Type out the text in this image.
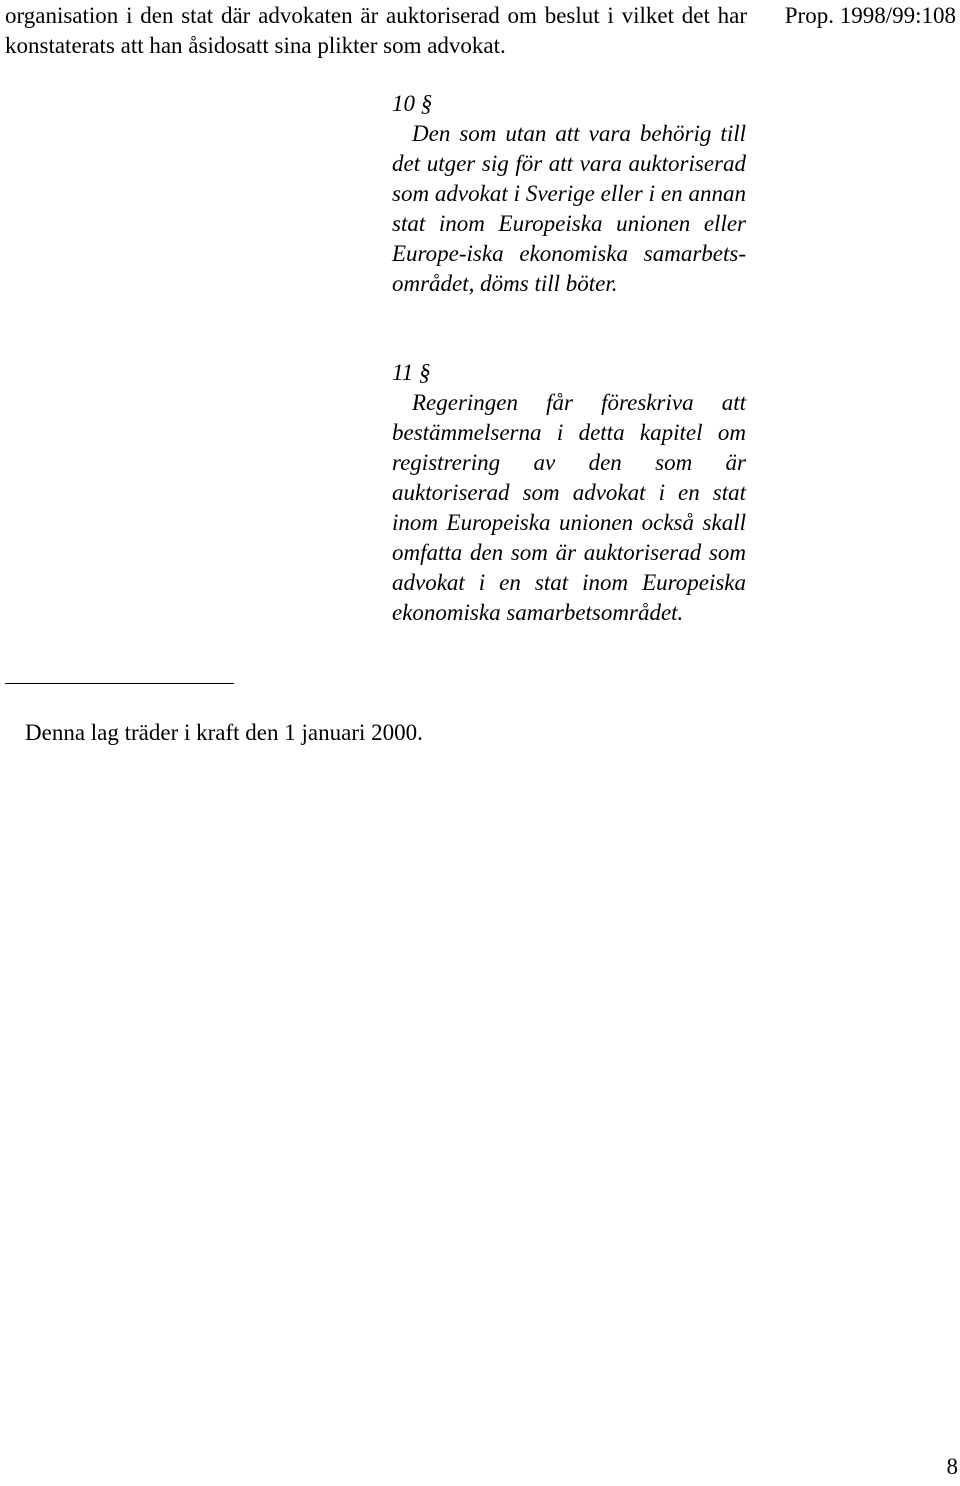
organisation i den stat där advokaten är auktoriserad om beslut i vilket det har konstaterats att han åsidosatt sina plikter som advokat.
Prop. 1998/99:108
10 §
Den som utan att vara behörig till det utger sig för att vara auktoriserad som advokat i Sverige eller i en annan stat inom Europeiska unionen eller Europe-iska ekonomiska samarbets-området, döms till böter.
11 §
Regeringen får föreskriva att bestämmelserna i detta kapitel om registrering av den som är auktoriserad som advokat i en stat inom Europeiska unionen också skall omfatta den som är auktoriserad som advokat i en stat inom Europeiska ekonomiska samarbetsområdet.
Denna lag träder i kraft den 1 januari 2000.
8
